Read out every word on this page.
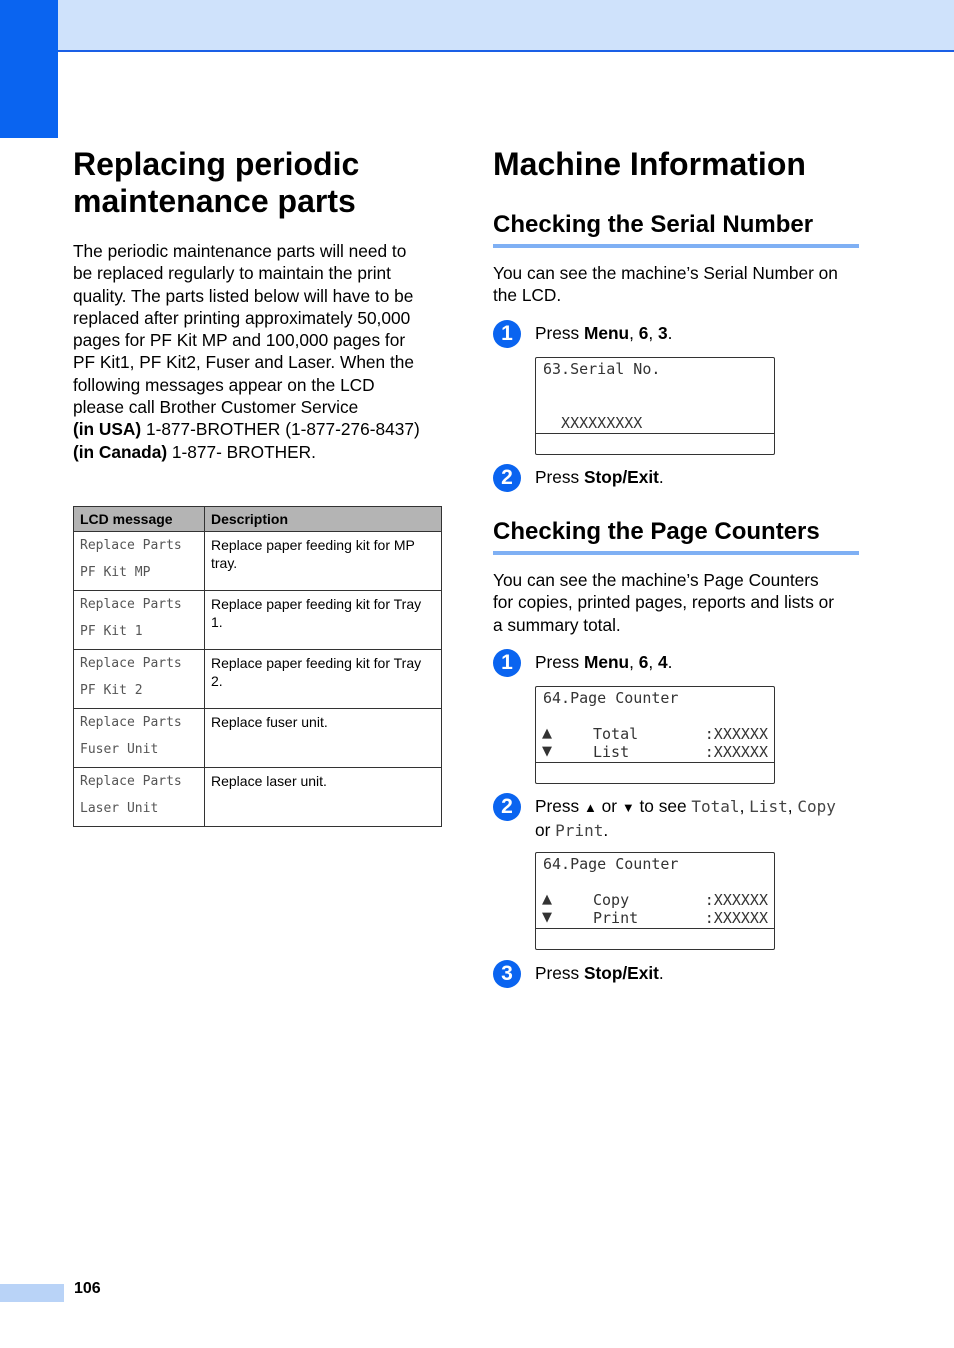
Replacing periodic
maintenance parts

The periodic maintenance parts will need to
be replaced regularly to maintain the print
quality. The parts listed below will have to be
replaced after printing approximately 50,000
pages for PF Kit MP and 100,000 pages for
PF Kit1, PF Kit2, Fuser and Laser. When the
following messages appear on the LCD
please call Brother Customer Service
(in USA) 1-877-BROTHER (1-877-276-8437)
(in Canada) 1-877- BROTHER.

LCD message	Description

Replace Parts
PF Kit MP	Replace paper feeding kit for MP tray.

Replace Parts
PF Kit 1	Replace paper feeding kit for Tray 1.

Replace Parts
PF Kit 2	Replace paper feeding kit for Tray 2.

Replace Parts
Fuser Unit	Replace fuser unit.

Replace Parts
Laser Unit	Replace laser unit.
Machine Information
Checking the Serial Number

You can see the machine’s Serial Number on
the LCD.

1	Press Menu, 6, 3.
63.Serial No.
XXXXXXXXX
2	Press Stop/Exit.
Checking the Page Counters

You can see the machine’s Page Counters
for copies, printed pages, reports and lists or
a summary total.

1	Press Menu, 6, 4.
64.Page Counter
▲	Total	:XXXXXX
▼	List	:XXXXXX
2	Press ▲ or ▼ to see Total, List, Copy
or Print.
64.Page Counter
▲	Copy	:XXXXXX
▼	Print	:XXXXXX
3	Press Stop/Exit.
106
